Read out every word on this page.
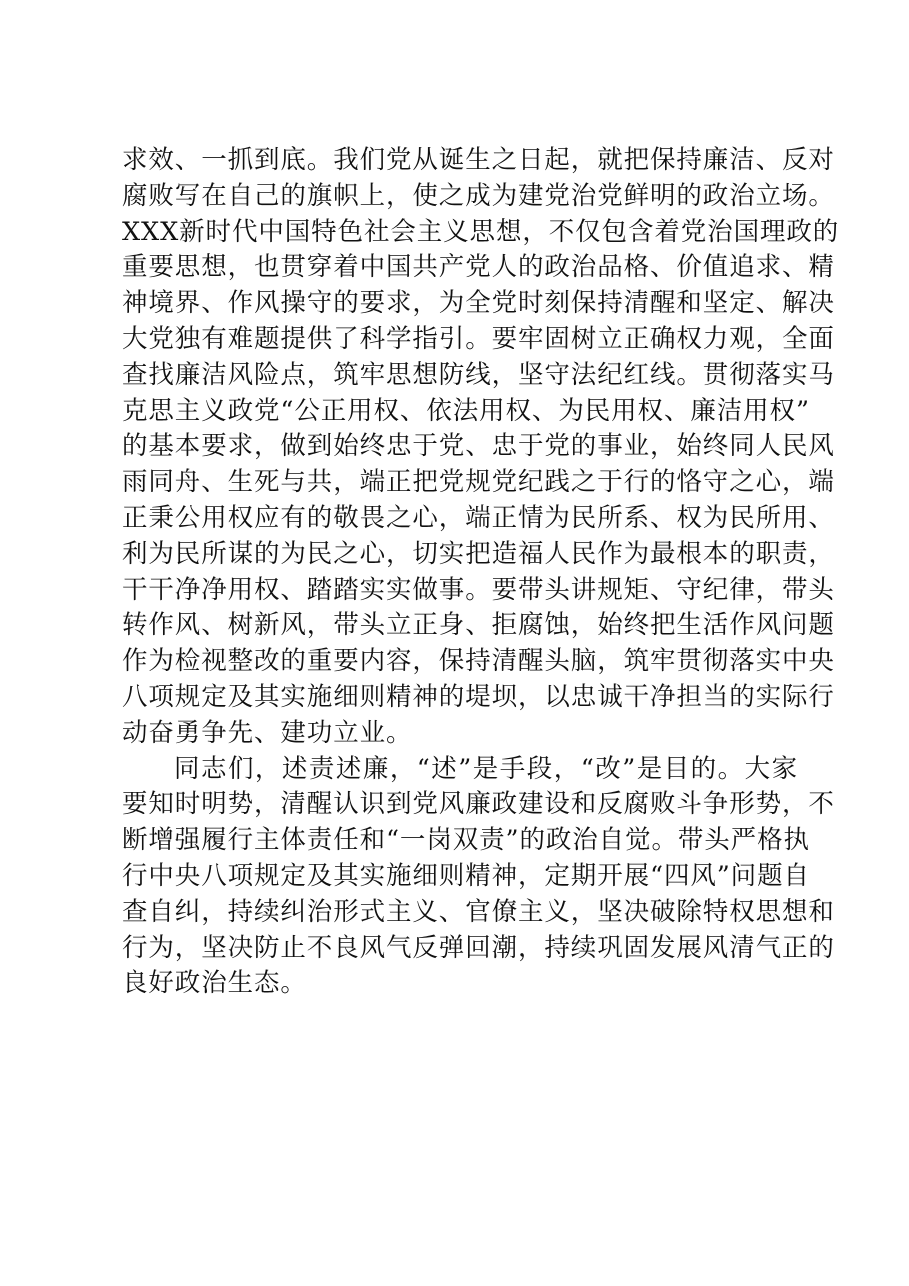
求效、一抓到底。我们党从诞生之日起，就把保持廉洁、反对
腐败写在自己的旗帜上，使之成为建党治党鲜明的政治立场。
XXX新时代中国特色社会主义思想，不仅包含着党治国理政的
重要思想，也贯穿着中国共产党人的政治品格、价值追求、精
神境界、作风操守的要求，为全党时刻保持清醒和坚定、解决
大党独有难题提供了科学指引。要牢固树立正确权力观，全面
查找廉洁风险点，筑牢思想防线，坚守法纪红线。贯彻落实马
克思主义政党“公正用权、依法用权、为民用权、廉洁用权”
的基本要求，做到始终忠于党、忠于党的事业，始终同人民风
雨同舟、生死与共，端正把党规党纪践之于行的恪守之心，端
正秉公用权应有的敬畏之心，端正情为民所系、权为民所用、
利为民所谋的为民之心，切实把造福人民作为最根本的职责，
干干净净用权、踏踏实实做事。要带头讲规矩、守纪律，带头
转作风、树新风，带头立正身、拒腐蚀，始终把生活作风问题
作为检视整改的重要内容，保持清醒头脑，筑牢贯彻落实中央
八项规定及其实施细则精神的堤坝，以忠诚干净担当的实际行
动奋勇争先、建功立业。
同志们，述责述廉，“述”是手段，“改”是目的。大家
要知时明势，清醒认识到党风廉政建设和反腐败斗争形势，不
断增强履行主体责任和“一岗双责”的政治自觉。带头严格执
行中央八项规定及其实施细则精神，定期开展“四风”问题自
查自纠，持续纠治形式主义、官僚主义，坚决破除特权思想和
行为，坚决防止不良风气反弹回潮，持续巩固发展风清气正的
良好政治生态。
